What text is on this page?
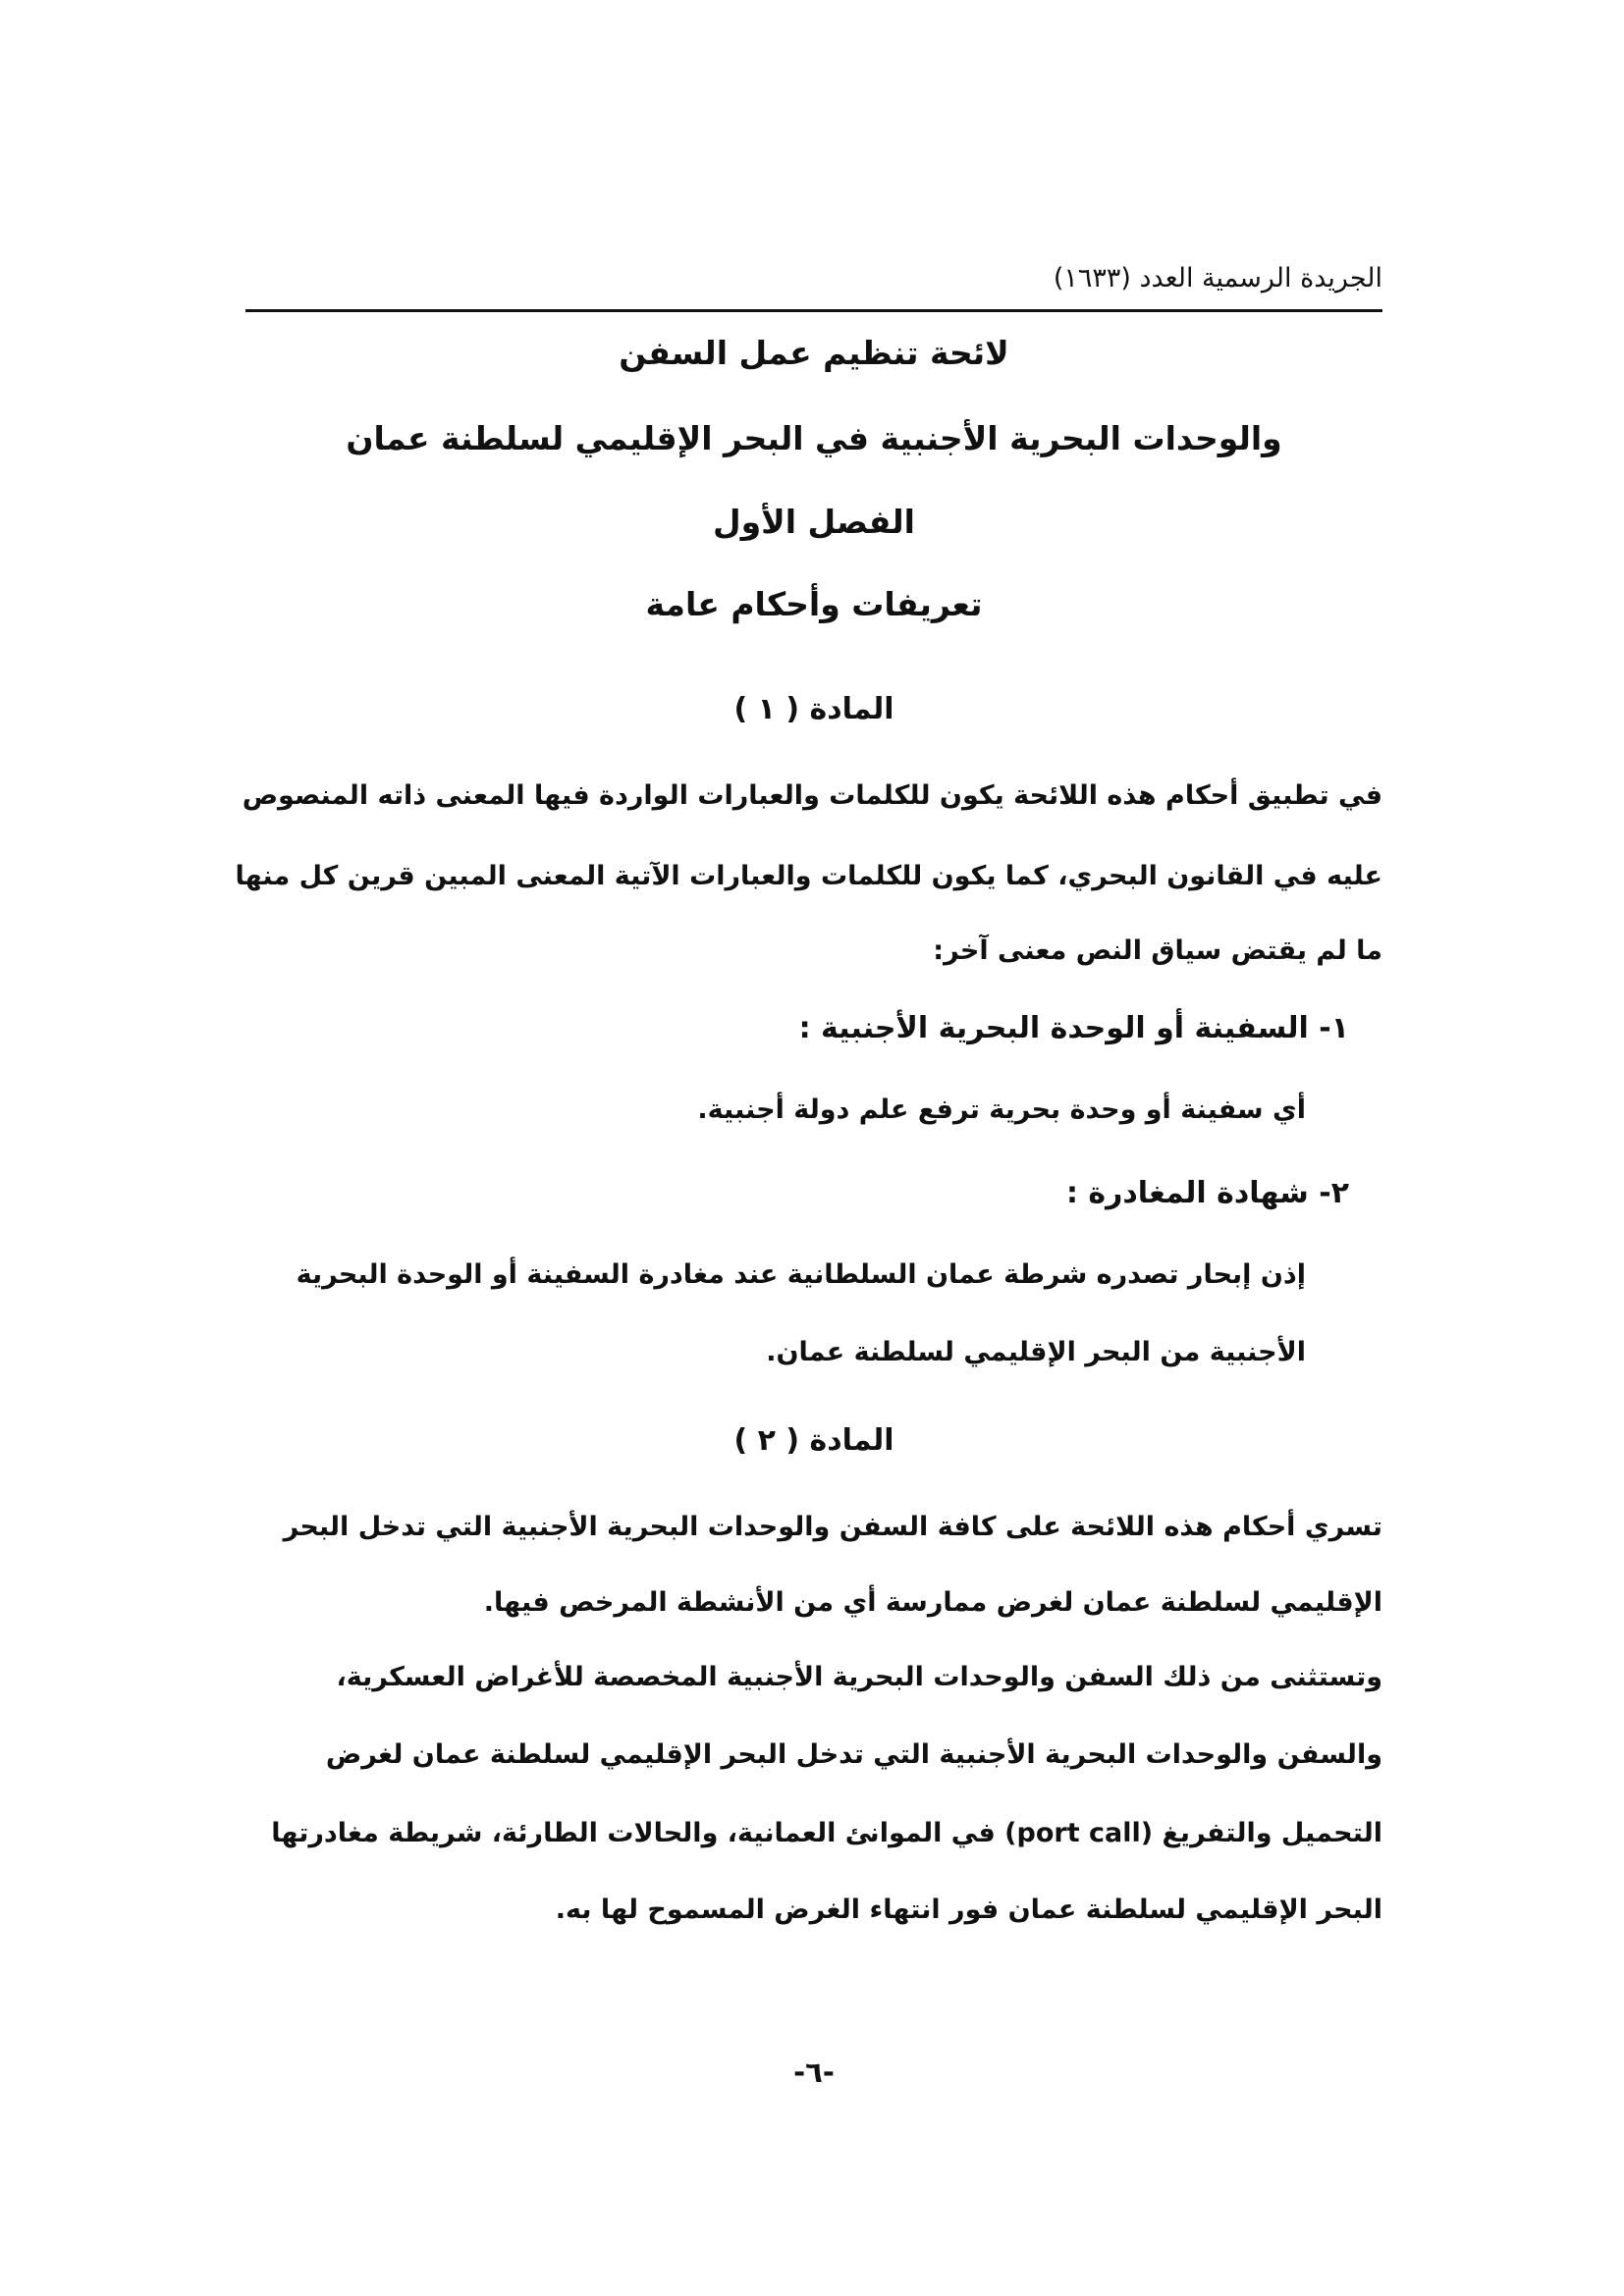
الجريدة الرسمية العدد (١٦٣٣)
لائحة تنظيم عمل السفن
والوحدات البحرية الأجنبية في البحر الإقليمي لسلطنة عمان
الفصل الأول
تعريفات وأحكام عامة
المادة ( ١ )
في تطبيق أحكام هذه اللائحة يكون للكلمات والعبارات الواردة فيها المعنى ذاته المنصوص
عليه في القانون البحري، كما يكون للكلمات والعبارات الآتية المعنى المبين قرين كل منها
ما لم يقتض سياق النص معنى آخر:
١- السفينة أو الوحدة البحرية الأجنبية :
أي سفينة أو وحدة بحرية ترفع علم دولة أجنبية.
٢- شهادة المغادرة :
إذن إبحار تصدره شرطة عمان السلطانية عند مغادرة السفينة أو الوحدة البحرية
الأجنبية من البحر الإقليمي لسلطنة عمان.
المادة ( ٢ )
تسري أحكام هذه اللائحة على كافة السفن والوحدات البحرية الأجنبية التي تدخل البحر
الإقليمي لسلطنة عمان لغرض ممارسة أي من الأنشطة المرخص فيها.
وتستثنى من ذلك السفن والوحدات البحرية الأجنبية المخصصة للأغراض العسكرية،
والسفن والوحدات البحرية الأجنبية التي تدخل البحر الإقليمي لسلطنة عمان لغرض
التحميل والتفريغ (port call) في الموانئ العمانية، والحالات الطارئة، شريطة مغادرتها
البحر الإقليمي لسلطنة عمان فور انتهاء الغرض المسموح لها به.
-٦-
